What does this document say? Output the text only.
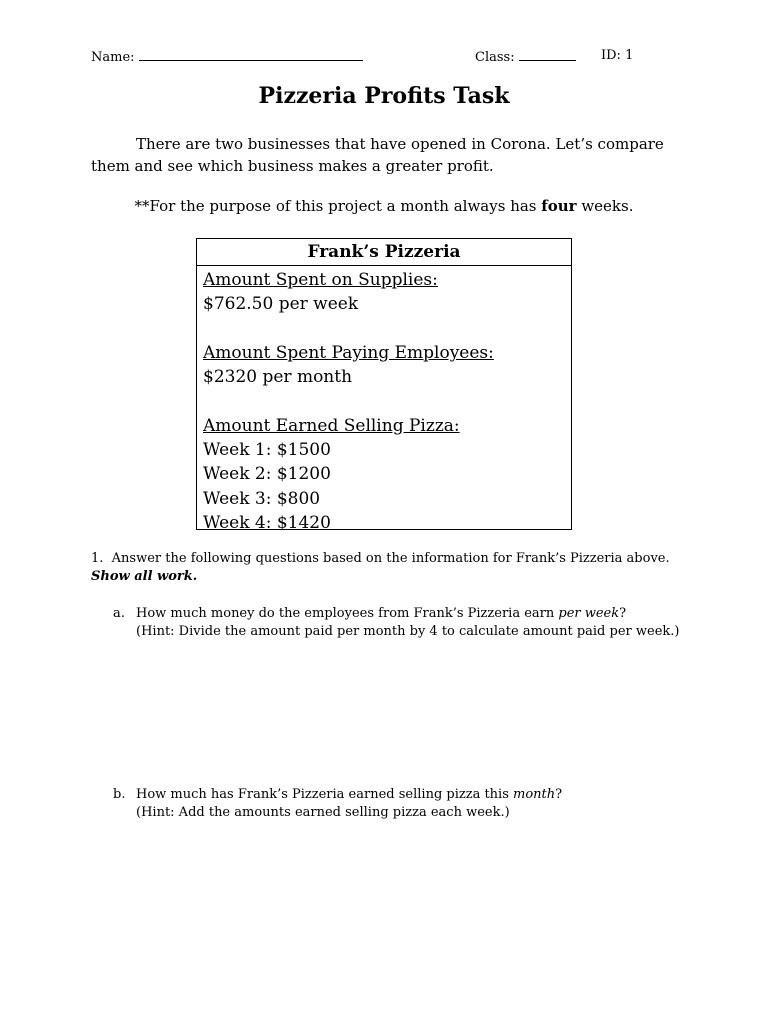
Name:	Class:	ID: 1
Pizzeria Profits Task
There are two businesses that have opened in Corona. Let’s compare them and see which business makes a greater profit.
**For the purpose of this project a month always has four weeks.
Frank’s Pizzeria
Amount Spent on Supplies:
$762.50 per week
Amount Spent Paying Employees:
$2320 per month
Amount Earned Selling Pizza:
Week 1: $1500
Week 2: $1200
Week 3: $800
Week 4: $1420
1. Answer the following questions based on the information for Frank’s Pizzeria above.
Show all work.
a. How much money do the employees from Frank’s Pizzeria earn per week?
(Hint: Divide the amount paid per month by 4 to calculate amount paid per week.)
b. How much has Frank’s Pizzeria earned selling pizza this month?
(Hint: Add the amounts earned selling pizza each week.)
